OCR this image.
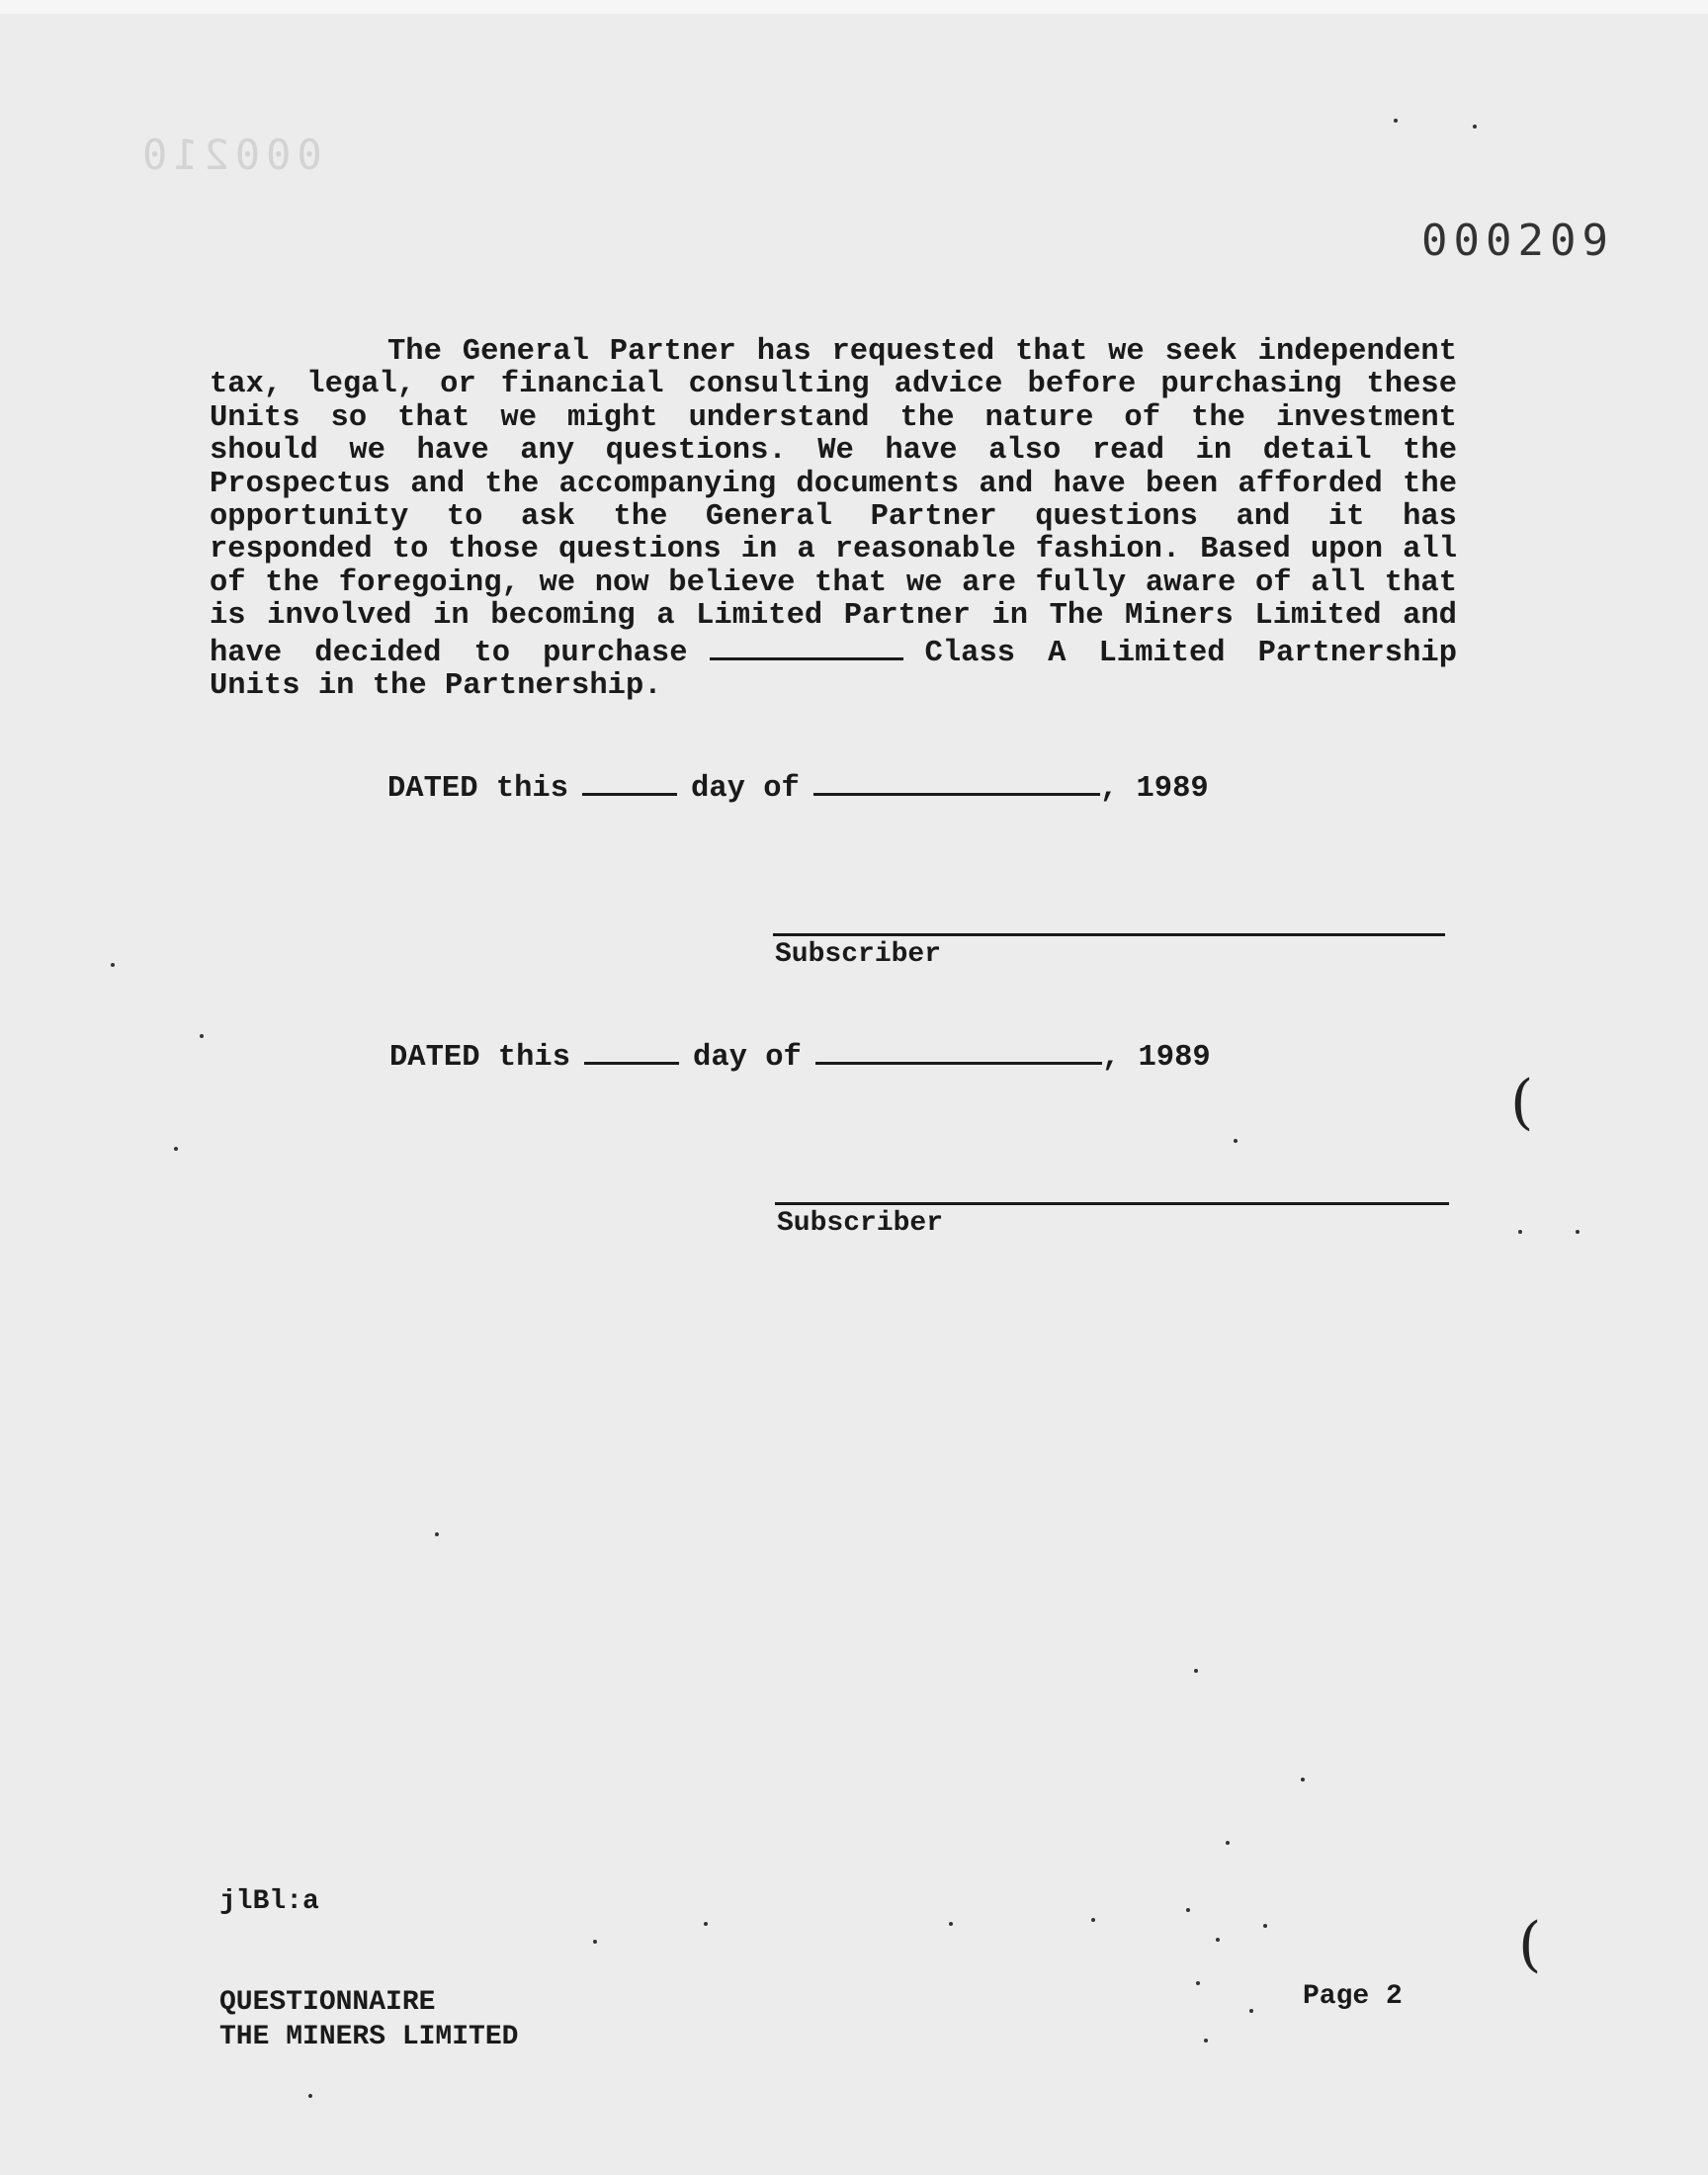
000210
000209
The General Partner has requested that we seek independent tax, legal, or financial consulting advice before purchasing these Units so that we might understand the nature of the investment should we have any questions. We have also read in detail the Prospectus and the accompanying documents and have been afforded the opportunity to ask the General Partner questions and it has responded to those questions in a reasonable fashion. Based upon all of the foregoing, we now believe that we are fully aware of all that is involved in becoming a Limited Partner in The Miners Limited and have decided to purchase	Class A Limited Partnership Units in the Partnership.
DATED this	day of	, 1989
Subscriber
DATED this	day of	, 1989
Subscriber
jlBl:a
QUESTIONNAIRE
THE MINERS LIMITED
Page 2
(
(
